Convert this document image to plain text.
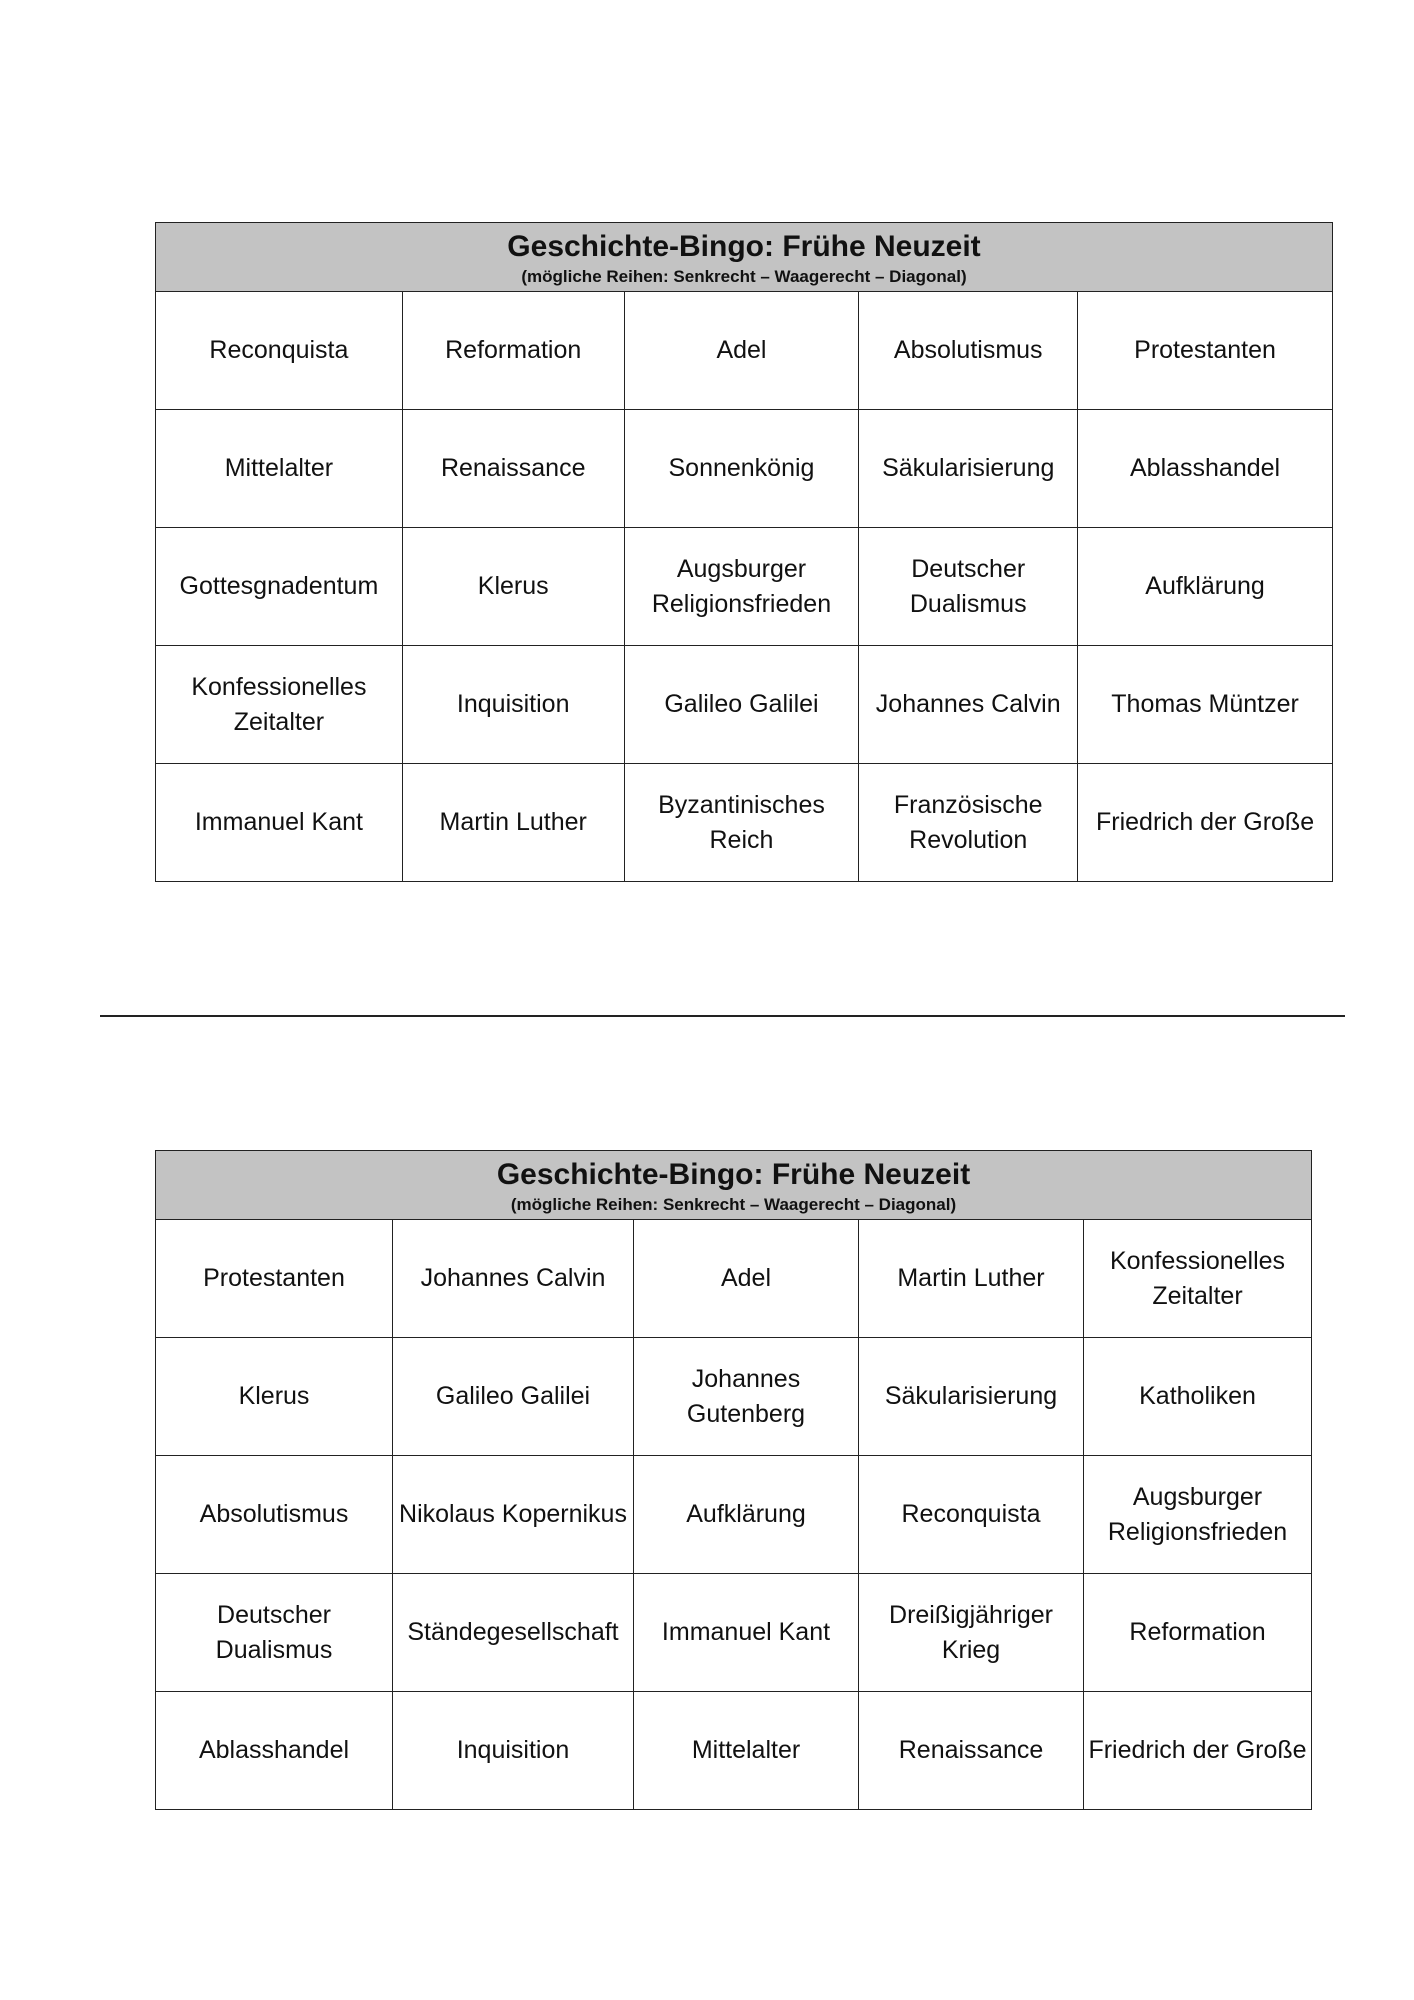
Geschichte-Bingo: Frühe Neuzeit
(mögliche Reihen: Senkrecht – Waagerecht – Diagonal)				

Reconquista	Reformation	Adel	Absolutismus	Protestanten
Mittelalter	Renaissance	Sonnenkönig	Säkularisierung	Ablasshandel
Gottesgnadentum	Klerus	Augsburger Religionsfrieden	Deutscher Dualismus	Aufklärung
Konfessionelles Zeitalter	Inquisition	Galileo Galilei	Johannes Calvin	Thomas Müntzer
Immanuel Kant	Martin Luther	Byzantinisches Reich	Französische Revolution	Friedrich der Große
Geschichte-Bingo: Frühe Neuzeit
(mögliche Reihen: Senkrecht – Waagerecht – Diagonal)				

Protestanten	Johannes Calvin	Adel	Martin Luther	Konfessionelles Zeitalter
Klerus	Galileo Galilei	Johannes Gutenberg	Säkularisierung	Katholiken
Absolutismus	Nikolaus Kopernikus	Aufklärung	Reconquista	Augsburger Religionsfrieden
Deutscher Dualismus	Ständegesellschaft	Immanuel Kant	Dreißigjähriger Krieg	Reformation
Ablasshandel	Inquisition	Mittelalter	Renaissance	Friedrich der Große
